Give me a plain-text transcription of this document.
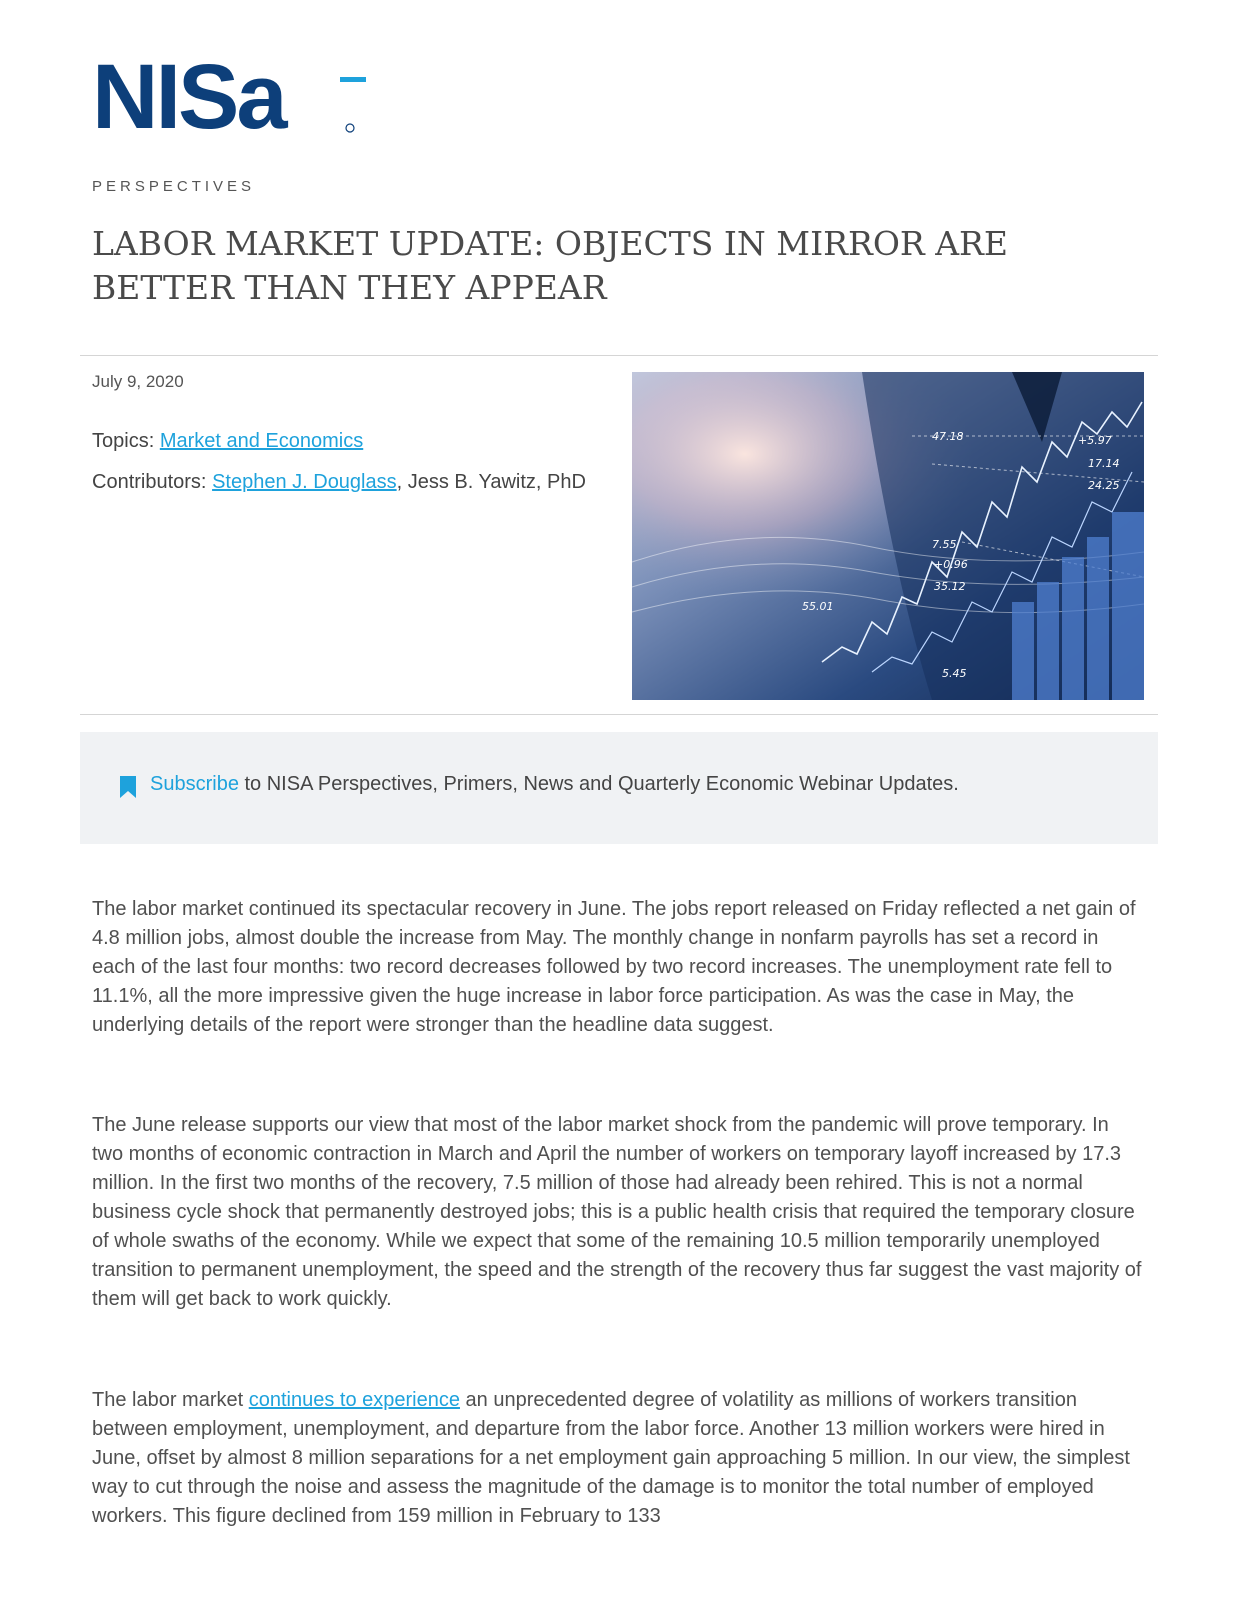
NISa
PERSPECTIVES
LABOR MARKET UPDATE: OBJECTS IN MIRROR ARE BETTER THAN THEY APPEAR
July 9, 2020
Topics: Market and Economics
Contributors: Stephen J. Douglass, Jess B. Yawitz, PhD
47.18	+5.97
17.14
24.25
7.55
+0.96
35.12
55.01
5.45
Subscribe to NISA Perspectives, Primers, News and Quarterly Economic Webinar Updates.

The labor market continued its spectacular recovery in June. The jobs report released on Friday reflected a net gain of 4.8 million jobs, almost double the increase from May. The monthly change in nonfarm payrolls has set a record in each of the last four months: two record decreases followed by two record increases. The unemployment rate fell to 11.1%, all the more impressive given the huge increase in labor force participation. As was the case in May, the underlying details of the report were stronger than the headline data suggest.

The June release supports our view that most of the labor market shock from the pandemic will prove temporary. In two months of economic contraction in March and April the number of workers on temporary layoff increased by 17.3 million. In the first two months of the recovery, 7.5 million of those had already been rehired. This is not a normal business cycle shock that permanently destroyed jobs; this is a public health crisis that required the temporary closure of whole swaths of the economy. While we expect that some of the remaining 10.5 million temporarily unemployed transition to permanent unemployment, the speed and the strength of the recovery thus far suggest the vast majority of them will get back to work quickly.

The labor market continues to experience an unprecedented degree of volatility as millions of workers transition between employment, unemployment, and departure from the labor force. Another 13 million workers were hired in June, offset by almost 8 million separations for a net employment gain approaching 5 million. In our view, the simplest way to cut through the noise and assess the magnitude of the damage is to monitor the total number of employed workers. This figure declined from 159 million in February to 133
